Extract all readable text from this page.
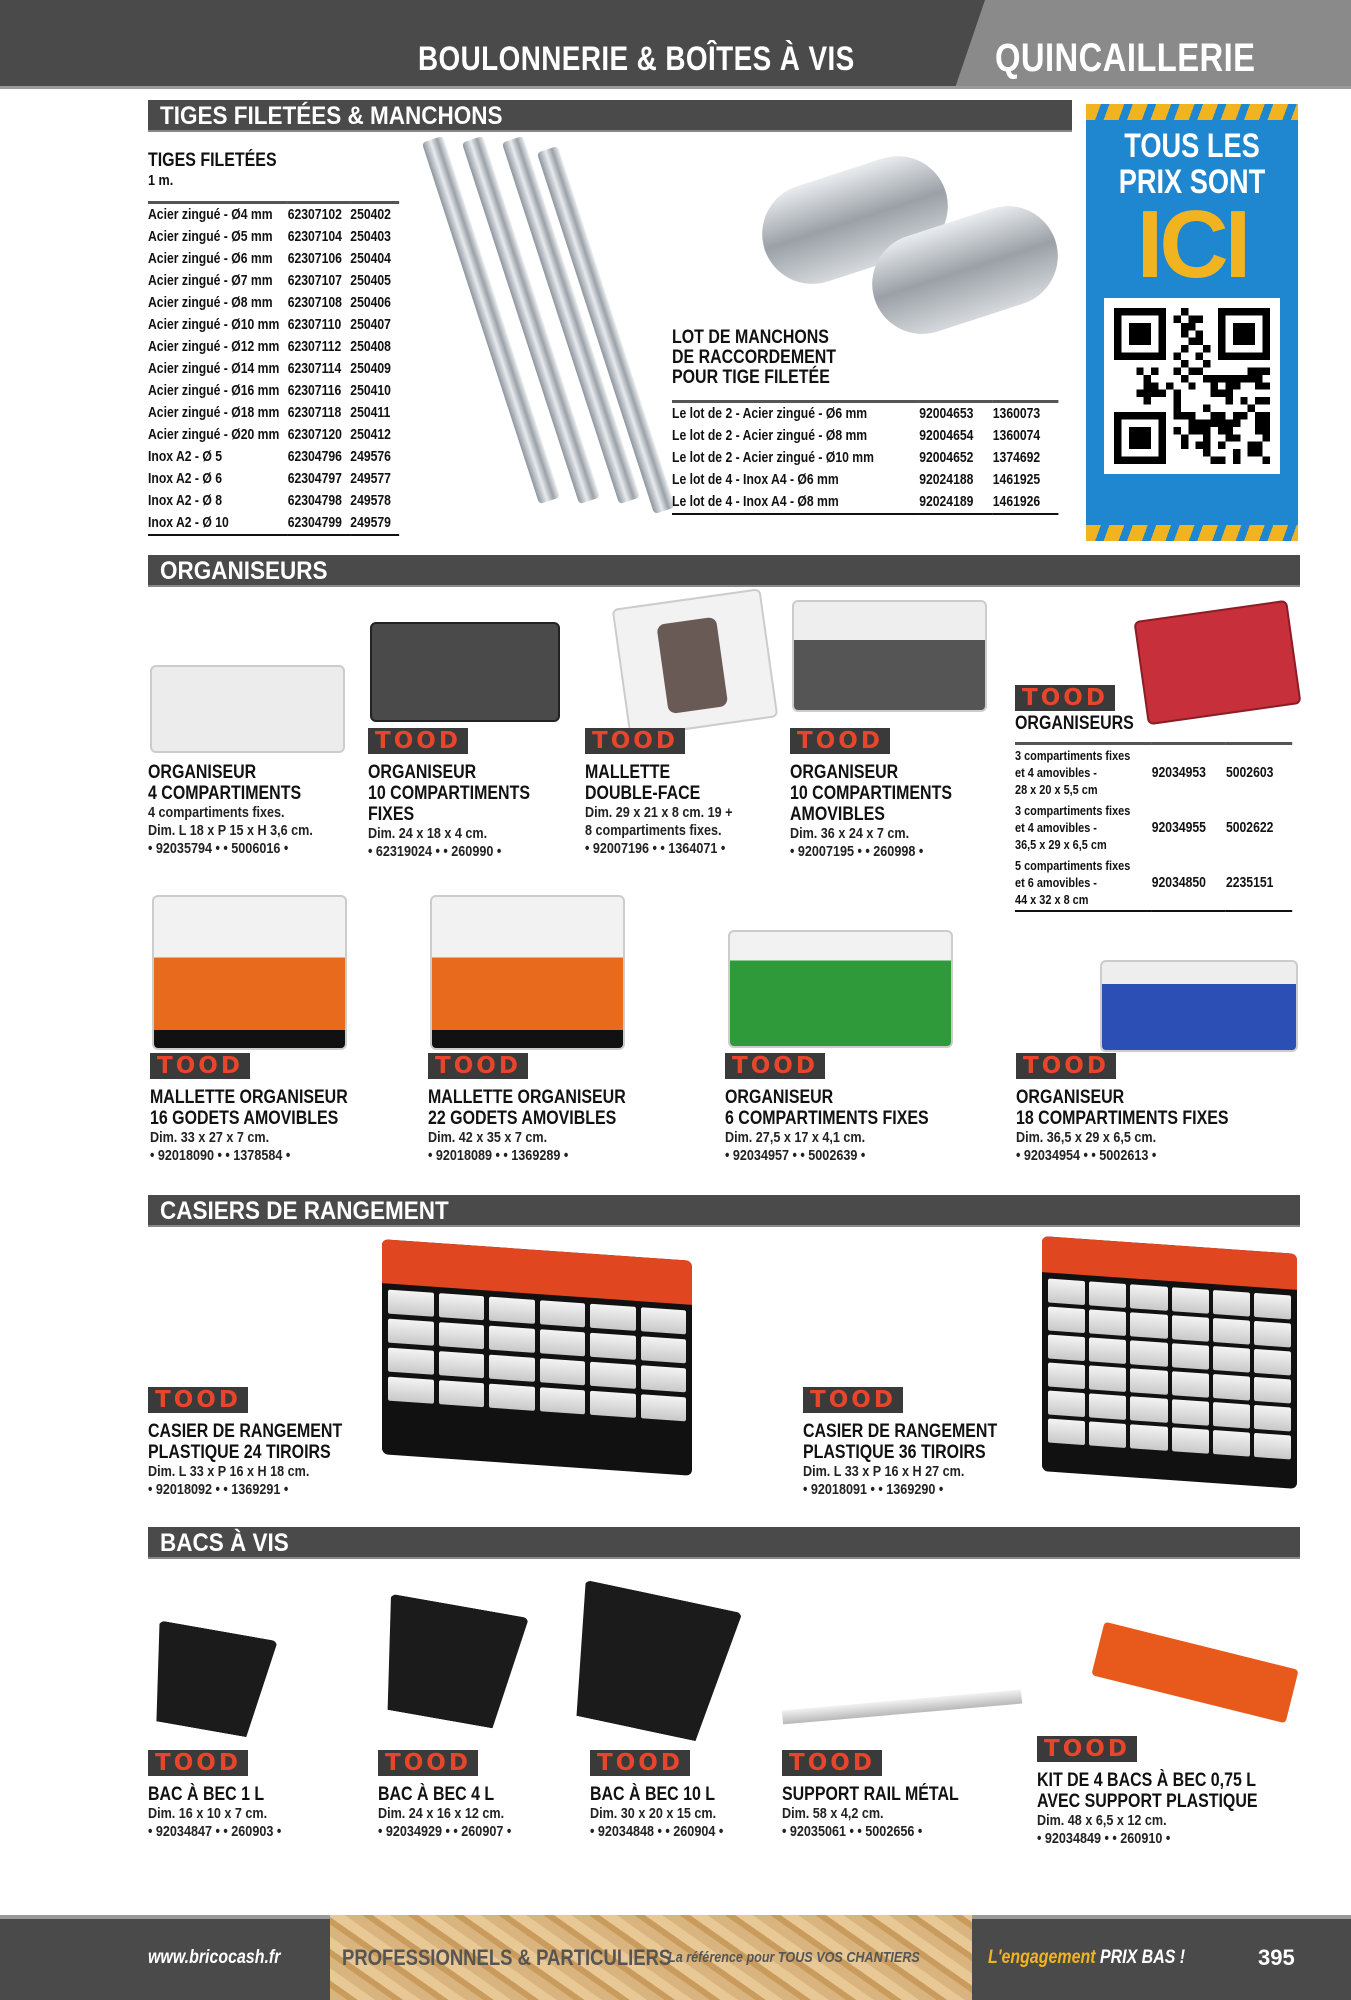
BOULONNERIE & BOÎTES À VIS	QUINCAILLERIE
TIGES FILETÉES & MANCHONS
TIGES FILETÉES
1 m.
Acier zingué - Ø4 mm	62307102	250402
Acier zingué - Ø5 mm	62307104	250403
Acier zingué - Ø6 mm	62307106	250404
Acier zingué - Ø7 mm	62307107	250405
Acier zingué - Ø8 mm	62307108	250406
Acier zingué - Ø10 mm	62307110	250407
Acier zingué - Ø12 mm	62307112	250408
Acier zingué - Ø14 mm	62307114	250409
Acier zingué - Ø16 mm	62307116	250410
Acier zingué - Ø18 mm	62307118	250411
Acier zingué - Ø20 mm	62307120	250412
Inox A2 - Ø 5	62304796	249576
Inox A2 - Ø 6	62304797	249577
Inox A2 - Ø 8	62304798	249578
Inox A2 - Ø 10	62304799	249579
LOT DE MANCHONS
DE RACCORDEMENT
POUR TIGE FILETÉE
Le lot de 2 - Acier zingué - Ø6 mm	92004653	1360073
Le lot de 2 - Acier zingué - Ø8 mm	92004654	1360074
Le lot de 2 - Acier zingué - Ø10 mm	92004652	1374692
Le lot de 4 - Inox A4 - Ø6 mm	92024188	1461925
Le lot de 4 - Inox A4 - Ø8 mm	92024189	1461926
TOUS LES
PRIX SONT
ICI
ORGANISEURS
ORGANISEUR
4 COMPARTIMENTS
4 compartiments fixes.
Dim. L 18 x P 15 x H 3,6 cm.
• 92035794 • • 5006016 •
TOOD
ORGANISEUR
10 COMPARTIMENTS
FIXES
Dim. 24 x 18 x 4 cm.
• 62319024 • • 260990 •
TOOD
MALLETTE
DOUBLE-FACE
Dim. 29 x 21 x 8 cm. 19 +
8 compartiments fixes.
• 92007196 • • 1364071 •
TOOD
ORGANISEUR
10 COMPARTIMENTS
AMOVIBLES
Dim. 36 x 24 x 7 cm.
• 92007195 • • 260998 •
TOOD
MALLETTE ORGANISEUR
16 GODETS AMOVIBLES
Dim. 33 x 27 x 7 cm.
• 92018090 • • 1378584 •
TOOD
MALLETTE ORGANISEUR
22 GODETS AMOVIBLES
Dim. 42 x 35 x 7 cm.
• 92018089 • • 1369289 •
TOOD
ORGANISEUR
6 COMPARTIMENTS FIXES
Dim. 27,5 x 17 x 4,1 cm.
• 92034957 • • 5002639 •
TOOD
ORGANISEUR
18 COMPARTIMENTS FIXES
Dim. 36,5 x 29 x 6,5 cm.
• 92034954 • • 5002613 •
TOOD
ORGANISEURS
3 compartiments fixes
et 4 amovibles -
28 x 20 x 5,5 cm	92034953	5002603
3 compartiments fixes
et 4 amovibles -
36,5 x 29 x 6,5 cm	92034955	5002622
5 compartiments fixes
et 6 amovibles -
44 x 32 x 8 cm	92034850	2235151
CASIERS DE RANGEMENT
TOOD
CASIER DE RANGEMENT
PLASTIQUE 24 TIROIRS
Dim. L 33 x P 16 x H 18 cm.
• 92018092 • • 1369291 •
TOOD
CASIER DE RANGEMENT
PLASTIQUE 36 TIROIRS
Dim. L 33 x P 16 x H 27 cm.
• 92018091 • • 1369290 •
BACS À VIS
TOOD
BAC À BEC 1 L
Dim. 16 x 10 x 7 cm.
• 92034847 • • 260903 •
TOOD
BAC À BEC 4 L
Dim. 24 x 16 x 12 cm.
• 92034929 • • 260907 •
TOOD
BAC À BEC 10 L
Dim. 30 x 20 x 15 cm.
• 92034848 • • 260904 •
TOOD
SUPPORT RAIL MÉTAL
Dim. 58 x 4,2 cm.
• 92035061 • • 5002656 •
TOOD
KIT DE 4 BACS À BEC 0,75 L
AVEC SUPPORT PLASTIQUE
Dim. 48 x 6,5 x 12 cm.
• 92034849 • • 260910 •
www.bricocash.fr	PROFESSIONNELS & PARTICULIERS
La référence pour TOUS VOS CHANTIERS	L'engagement PRIX BAS !	395
